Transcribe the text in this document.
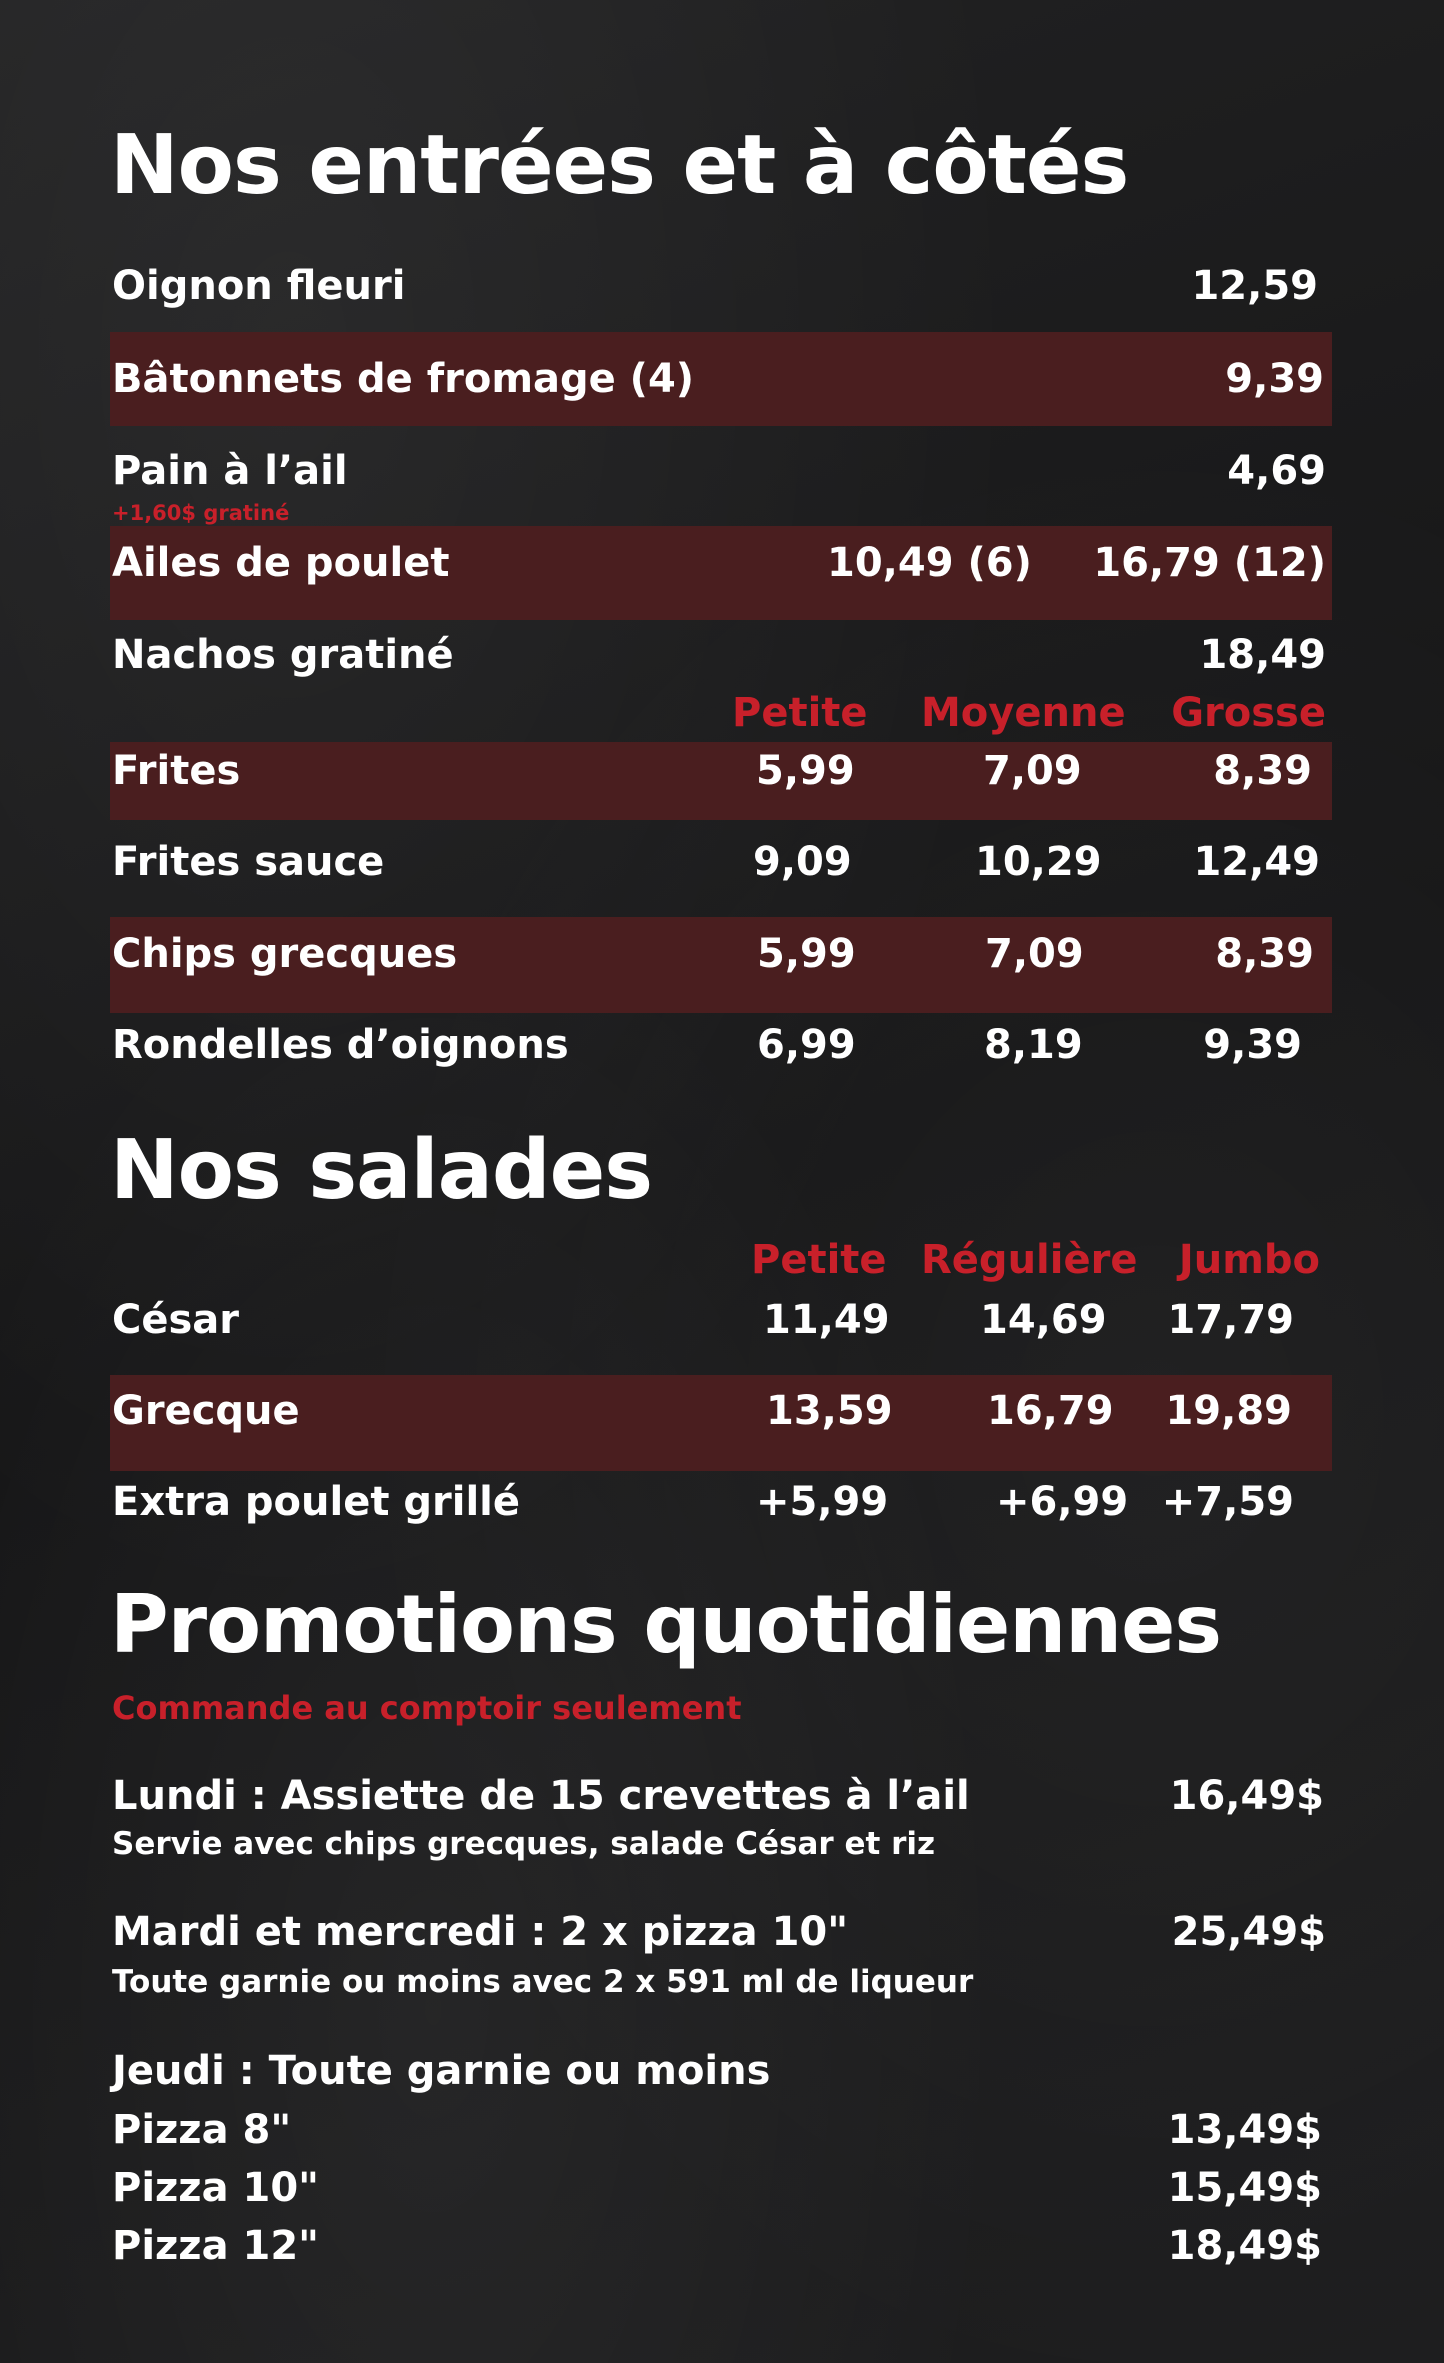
Nos entrées et à côtés
Oignon fleuri	12,59
Bâtonnets de fromage (4)	9,39
Pain à l’ail	4,69
+1,60$ gratiné
Ailes de poulet	10,49 (6) 16,79 (12)
Nachos gratiné	18,49
Petite Moyenne Grosse
Frites	5,99	7,09	8,39
Frites sauce	9,09	10,29 12,49
Chips grecques	5,99	7,09	8,39
Rondelles d’oignons	6,99	8,19	9,39
Nos salades
Petite Régulière Jumbo
César	11,49 14,69 17,79
Grecque	13,59 16,79 19,89
Extra poulet grillé	+5,99	+6,99 +7,59
Promotions quotidiennes
Commande au comptoir seulement
Lundi : Assiette de 15 crevettes à l’ail
Servie avec chips grecques, salade César et riz
16,49$
Mardi et mercredi : 2 x pizza 10"
Toute garnie ou moins avec 2 x 591 ml de liqueur
25,49$
Jeudi : Toute garnie ou moins
Pizza 8"	13,49$
Pizza 10"	15,49$
Pizza 12"	18,49$
